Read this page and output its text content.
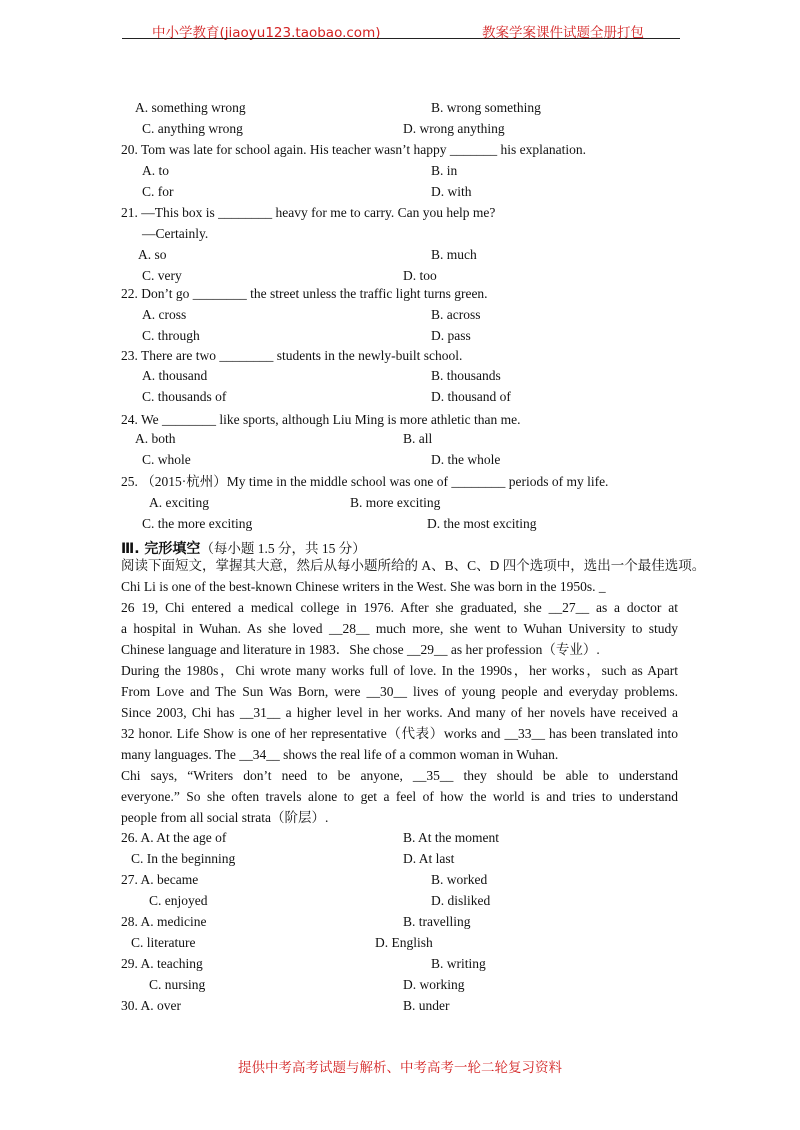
中小学教育(jiaoyu123.taobao.com)	教案学案课件试题全册打包
A. something wrong	B. wrong something
C. anything wrong	D. wrong anything
20. Tom was late for school again. His teacher wasn’t happy _______ his explanation.
A. to	B. in
C. for	D. with
21. —This box is ________ heavy for me to carry. Can you help me?
—Certainly.
A. so	B. much
C. very	D. too
22. Don’t go ________ the street unless the traffic light turns green.
A. cross	B. across
C. through	D. pass
23. There are two ________ students in the newly-built school.
A. thousand	B. thousands
C. thousands of	D. thousand of
24. We ________ like sports, although Liu Ming is more athletic than me.
A. both	B. all
C. whole	D. the whole
25. （2015·杭州）My time in the middle school was one of ________ periods of my life.
A. exciting	B. more exciting
C. the more exciting	D. the most exciting
Ⅲ. 完形填空（每小题 1.5 分，共 15 分）
阅读下面短文，掌握其大意，然后从每小题所给的 A、B、C、D 四个选项中，选出一个最佳选项。
Chi Li is one of the best-known Chinese writers in the West. She was born in the 1950s. _
26 19, Chi entered a medical college in 1976. After she graduated, she __27__ as a doctor at
a hospital in Wuhan. As she loved __28__ much more, she went to Wuhan University to study
Chinese language and literature in 1983．She chose __29__ as her profession（专业）.
During the 1980s，Chi wrote many works full of love. In the 1990s，her works，such as Apart
From Love and The Sun Was Born, were __30__ lives of young people and everyday problems.
Since 2003, Chi has __31__ a higher level in her works. And many of her novels have received a
32 honor. Life Show is one of her representative（代表）works and __33__ has been translated into
many languages. The __34__ shows the real life of a common woman in Wuhan.
Chi says, “Writers don’t need to be anyone, __35__ they should be able to understand
everyone.” So she often travels alone to get a feel of how the world is and tries to understand
people from all social strata（阶层）.
26. A. At the age of	B. At the moment
C. In the beginning	D. At last
27. A. became	B. worked
C. enjoyed	D. disliked
28. A. medicine	B. travelling
C. literature	D. English
29. A. teaching	B. writing
C. nursing	D. working
30. A. over	B. under
提供中考高考试题与解析、中考高考一轮二轮复习资料
